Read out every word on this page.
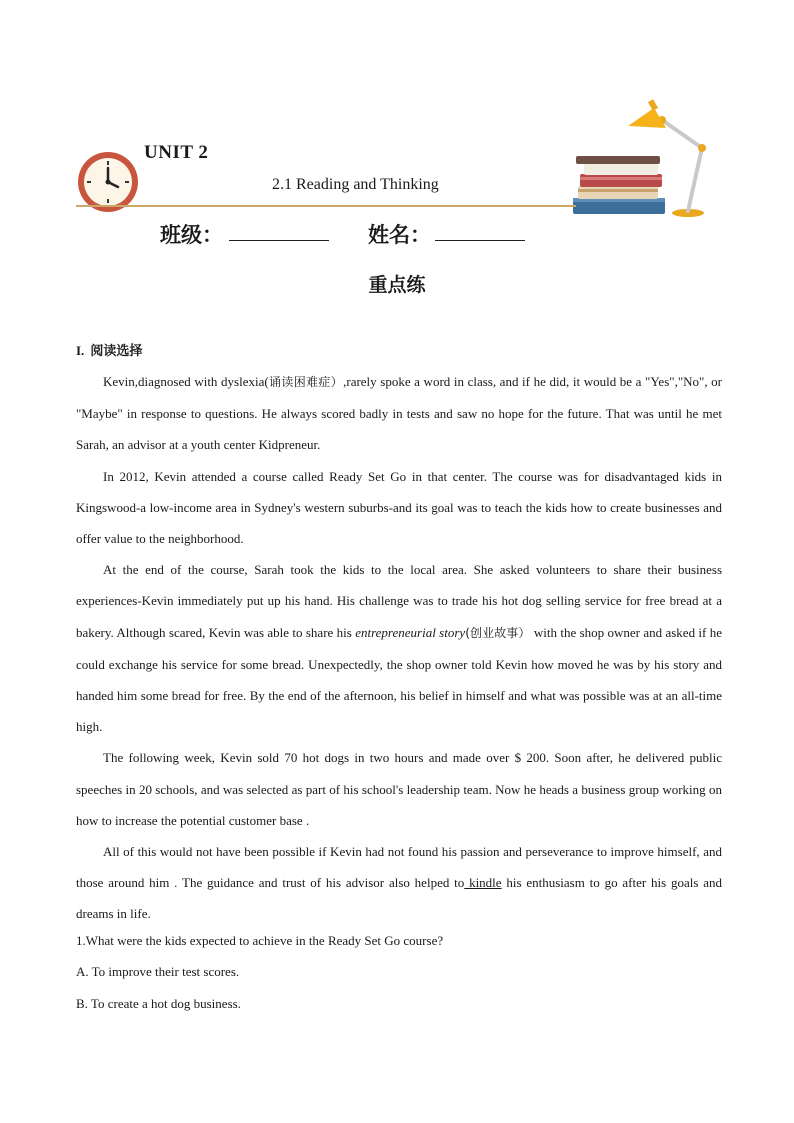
UNIT 2
2.1 Reading and Thinking
班级：	姓名：
重点练
I. 阅读选择

Kevin,diagnosed with dyslexia(诵读困难症）,rarely spoke a word in class, and if he did, it would be a "Yes","No", or "Maybe" in response to questions. He always scored badly in tests and saw no hope for the future. That was until he met Sarah, an advisor at a youth center Kidpreneur.

In 2012, Kevin attended a course called Ready Set Go in that center. The course was for disadvantaged kids in Kingswood-a low-income area in Sydney's western suburbs-and its goal was to teach the kids how to create businesses and offer value to the neighborhood.

At the end of the course, Sarah took the kids to the local area. She asked volunteers to share their business experiences-Kevin immediately put up his hand. His challenge was to trade his hot dog selling service for free bread at a bakery. Although scared, Kevin was able to share his entrepreneurial story(创业故事） with the shop owner and asked if he could exchange his service for some bread. Unexpectedly, the shop owner told Kevin how moved he was by his story and handed him some bread for free. By the end of the afternoon, his belief in himself and what was possible was at an all-time high.

The following week, Kevin sold 70 hot dogs in two hours and made over $ 200. Soon after, he delivered public speeches in 20 schools, and was selected as part of his school's leadership team. Now he heads a business group working on how to increase the potential customer base .

All of this would not have been possible if Kevin had not found his passion and perseverance to improve himself, and those around him . The guidance and trust of his advisor also helped to kindle his enthusiasm to go after his goals and dreams in life.

1.What were the kids expected to achieve in the Ready Set Go course?
A. To improve their test scores.
B. To create a hot dog business.
